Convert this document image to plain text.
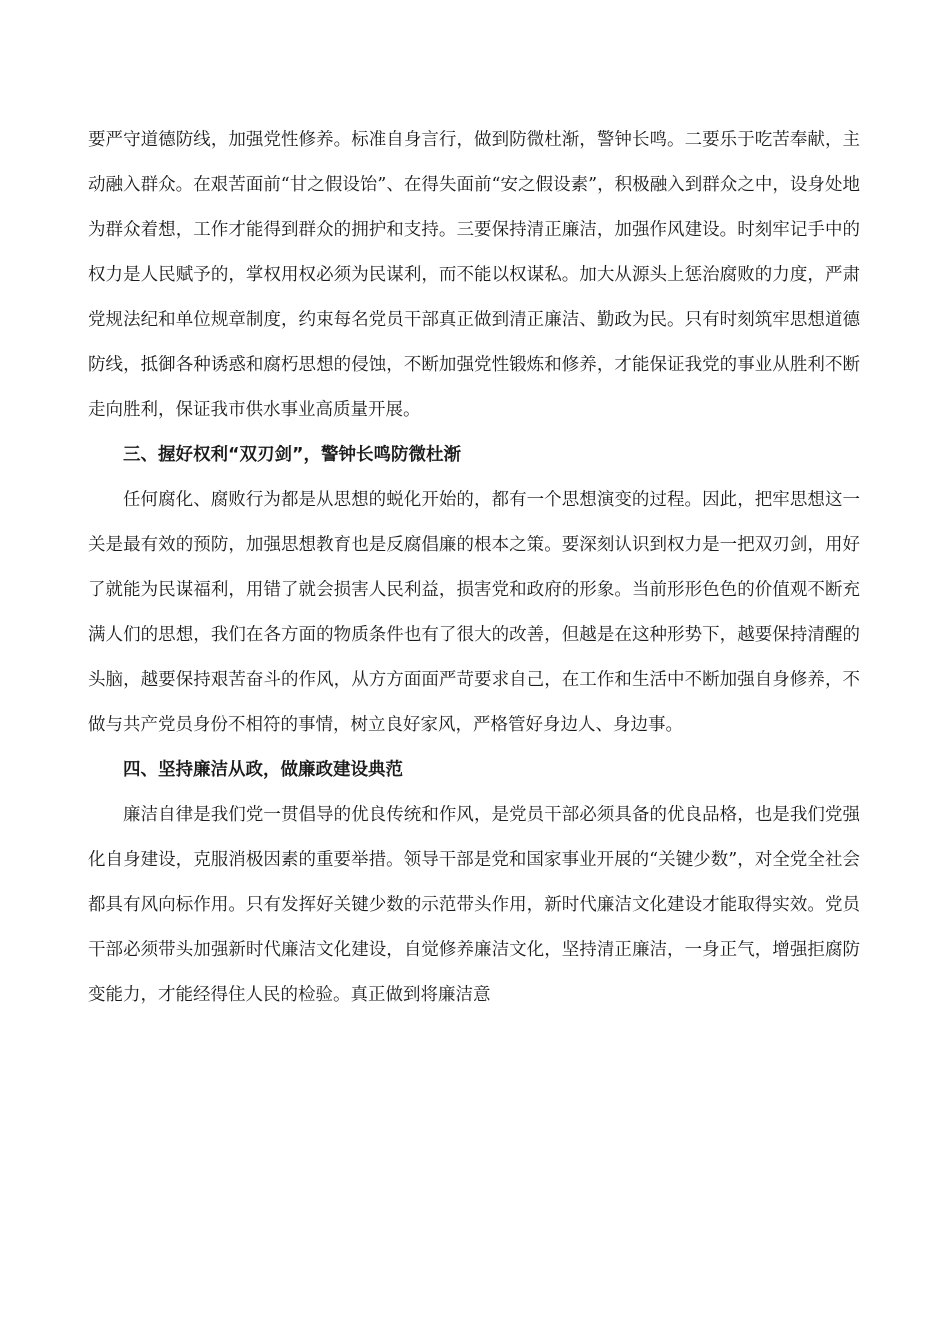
要严守道德防线，加强党性修养。标准自身言行，做到防微杜渐，警钟长鸣。二要乐于吃苦奉献，主动融入群众。在艰苦面前“甘之假设饴”、在得失面前“安之假设素”，积极融入到群众之中，设身处地为群众着想，工作才能得到群众的拥护和支持。三要保持清正廉洁，加强作风建设。时刻牢记手中的权力是人民赋予的，掌权用权必须为民谋利，而不能以权谋私。加大从源头上惩治腐败的力度，严肃党规法纪和单位规章制度，约束每名党员干部真正做到清正廉洁、勤政为民。只有时刻筑牢思想道德防线，抵御各种诱惑和腐朽思想的侵蚀，不断加强党性锻炼和修养，才能保证我党的事业从胜利不断走向胜利，保证我市供水事业高质量开展。

三、握好权利“双刃剑”，警钟长鸣防微杜渐

任何腐化、腐败行为都是从思想的蜕化开始的，都有一个思想演变的过程。因此，把牢思想这一关是最有效的预防，加强思想教育也是反腐倡廉的根本之策。要深刻认识到权力是一把双刃剑，用好了就能为民谋福利，用错了就会损害人民利益，损害党和政府的形象。当前形形色色的价值观不断充满人们的思想，我们在各方面的物质条件也有了很大的改善，但越是在这种形势下，越要保持清醒的头脑，越要保持艰苦奋斗的作风，从方方面面严苛要求自己，在工作和生活中不断加强自身修养，不做与共产党员身份不相符的事情，树立良好家风，严格管好身边人、身边事。

四、坚持廉洁从政，做廉政建设典范

廉洁自律是我们党一贯倡导的优良传统和作风，是党员干部必须具备的优良品格，也是我们党强化自身建设，克服消极因素的重要举措。领导干部是党和国家事业开展的“关键少数”，对全党全社会都具有风向标作用。只有发挥好关键少数的示范带头作用，新时代廉洁文化建设才能取得实效。党员干部必须带头加强新时代廉洁文化建设，自觉修养廉洁文化，坚持清正廉洁，一身正气，增强拒腐防变能力，才能经得住人民的检验。真正做到将廉洁意
